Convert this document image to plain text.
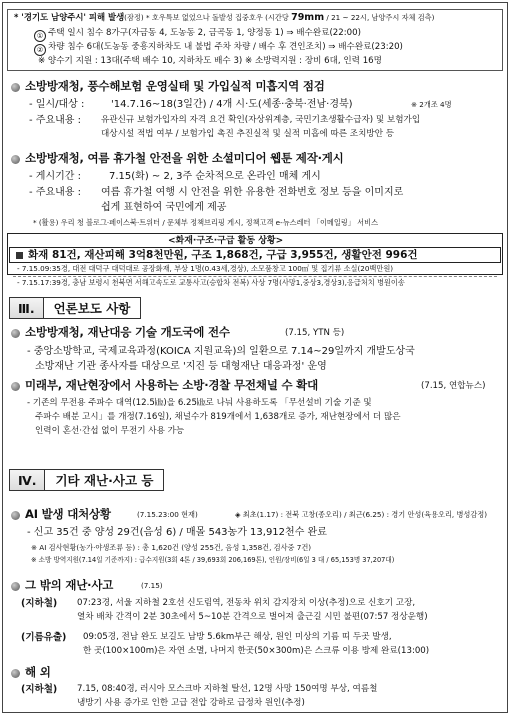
* '경기도 남양주시' 피해 발생(잠정) * 호우특보 없었으나 돌발성 집중호우 (시간당 79mm / 21 ~ 22시, 남양주시 자체 검측)
① 주택 일시 침수 8가구(자금동 4, 도농동 2, 금곡동 1, 양정동 1) ⇒ 배수완료(22:00)
② 차량 침수 6대(도농동 중흥지하차도 내 불법 주차 차량 / 배수 후 견인조치) ⇒ 배수완료(23:20)
※ 양수기 지원 : 13대(주택 배수 10, 지하차도 배수 3) ※ 소방력지원 : 장비 6대, 인력 16명
소방방재청, 풍수해보험 운영실태 및 가입실적 미흡지역 점검
- 일시/대상 :	'14.7.16~18(3일간) / 4개 시·도(세종·충북·전남·경북)	※ 2개조 4명
- 주요내용 : 유관신규 보험가입자의 자격 요건 확인(자상위계층, 국민기초생활수급자) 및 보험가입
대상시설 적법 여부 / 보험가입 촉진 추진실적 및 실적 미흡에 따른 조치방안 등
소방방재청, 여름 휴가철 안전을 위한 소셜미디어 웹툰 제작·게시
- 게시기간 :	7.15(화) ~ 2, 3주 순차적으로 온라인 매체 게시
- 주요내용 : 여름 휴가철 여행 시 안전을 위한 유용한 전화번호 정보 등을 이미지로
쉽게 표현하여 국민에게 제공
* (활용) 우리 청 블로그·페이스북·트위터 / 문체부 정책브리핑 게시, 정책고객 e-뉴스레터 「이메일링」 서비스
<화재·구조·구급 활동 상황>
화재 81건, 재산피해 3억8천만원, 구조 1,868건, 구급 3,955건, 생활안전 996건
- 7.15.09:35경, 대전 대덕구 대덕대로 공장화재, 부상 1명(0.43세,경상), 소모품창고 100㎡ 및 집기류 소실(20백만원)
- 7.15.17:39경, 충남 보령시 천북면 서해고속도로 교통사고(승합차 전복) 사상 7명(사망1,중상3,경상3),응급처치 병원이송
Ⅲ.	언론보도 사항
소방방재청, 재난대응 기술 개도국에 전수	(7.15, YTN 등)
- 중앙소방학교, 국제교육과정(KOICA 지원교육)의 일환으로 7.14~29일까지 개발도상국
소방재난 기관 종사자를 대상으로 '지진 등 대형재난 대응과정' 운영
미래부, 재난현장에서 사용하는 소방·경찰 무전채널 수 확대	(7.15, 연합뉴스)
- 기존의 무전용 주파수 대역(12.5㎑)을 6.25㎑로 나눠 사용하도록 「무선설비 기술 기준 및
주파수 배분 고시」를 개정(7.16일), 채널수가 819개에서 1,638개로 증가, 재난현장에서 더 많은
인력이 혼선·간섭 없이 무전기 사용 가능
Ⅳ.	기타 재난·사고 등
AI 발생 대처상황	(7.15.23:00 현재)	◈ 최초(1.17) : 전북 고창(종오리) / 최근(6.25) : 경기 안성(육용오리, 병성감정)
- 신고 35건 중 양성 29건(음성 6) / 매몰 543농가 13,912천수 완료
※ AI 검사현황(농가·야생조류 등) : 총 1,620건 (양성 255건, 음성 1,358건, 검사중 7건)
※ 소방 방역지원(7.14일 기준까지) : 급수지원(3회 4톤 / 39,693회 206,169톤), 인원/장비(6일 3 대 / 65,153명 37,207대)
그 밖의 재난·사고	(7.15)
(지하철) 07:23경, 서울 지하철 2호선 신도림역, 전동차 위치 감지장치 이상(추정)으로 신호기 고장,
열차 배차 간격이 2분 30초에서 5~10분 간격으로 벌어져 출근길 시민 불편(07:57 정상운행)
(기름유출) 09:05경, 전남 완도 보길도 남방 5.6km부근 해상, 원인 미상의 기름 띠 두곳 발생,
한 곳(100×100m)은 자연 소멸, 나머지 한곳(50×300m)은 스크류 이용 방제 완료(13:00)
해 외
(지하철) 7.15, 08:40경, 러시아 모스크바 지하철 탈선, 12명 사망 150여명 부상, 여름철
냉방기 사용 증가로 인한 고급 전압 강하로 급정차 원인(추정)
